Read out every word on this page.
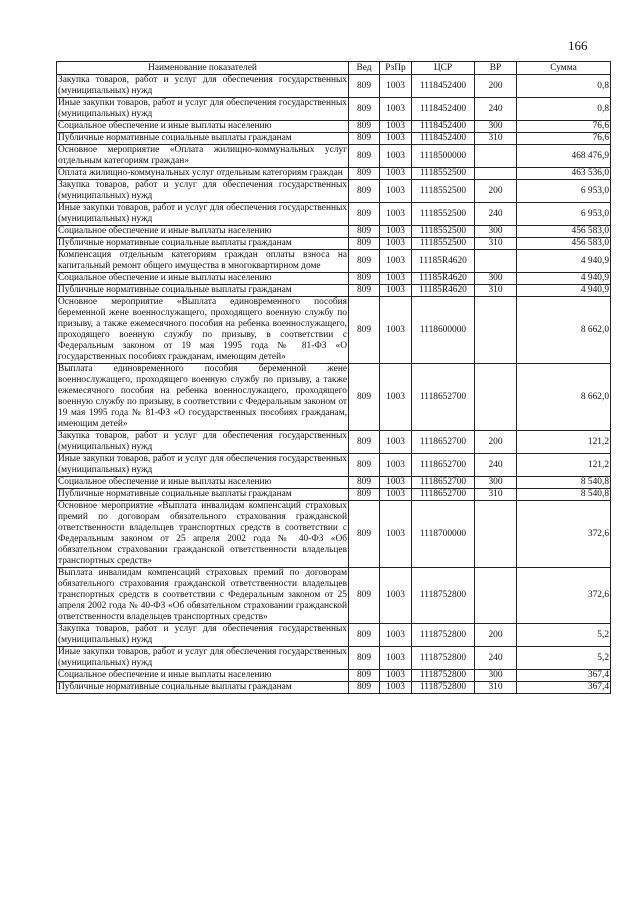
166
Наименование показателей	Вед	РзПр	ЦСР	ВР	Сумма
Закупка товаров, работ и услуг для обеспечения государственных (муниципальных) нужд	809	1003	1118452400	200	0,8
Иные закупки товаров, работ и услуг для обеспечения государственных (муниципальных) нужд	809	1003	1118452400	240	0,8
Социальное обеспечение и иные выплаты населению	809	1003	1118452400	300	76,6
Публичные нормативные социальные выплаты гражданам	809	1003	1118452400	310	76,6
Основное мероприятие «Оплата жилищно-коммунальных услуг отдельным категориям граждан»	809	1003	1118500000		468 476,9
Оплата жилищно-коммунальных услуг отдельным категориям граждан	809	1003	1118552500		463 536,0
Закупка товаров, работ и услуг для обеспечения государственных (муниципальных) нужд	809	1003	1118552500	200	6 953,0
Иные закупки товаров, работ и услуг для обеспечения государственных (муниципальных) нужд	809	1003	1118552500	240	6 953,0
Социальное обеспечение и иные выплаты населению	809	1003	1118552500	300	456 583,0
Публичные нормативные социальные выплаты гражданам	809	1003	1118552500	310	456 583,0
Компенсация отдельным категориям граждан оплаты взноса на капитальный ремонт общего имущества в многоквартирном доме	809	1003	11185R4620		4 940,9
Социальное обеспечение и иные выплаты населению	809	1003	11185R4620	300	4 940,9
Публичные нормативные социальные выплаты гражданам	809	1003	11185R4620	310	4 940,9
Основное мероприятие «Выплата единовременного пособия беременной жене военнослужащего, проходящего военную службу по призыву, а также ежемесячного пособия на ребенка военнослужащего, проходящего военную службу по призыву, в соответствии с Федеральным законом от 19 мая 1995 года № 81-ФЗ «О государственных пособиях гражданам, имеющим детей»	809	1003	1118600000		8 662,0
Выплата единовременного пособия беременной жене военнослужащего, проходящего военную службу по призыву, а также ежемесячного пособия на ребенка военнослужащего, проходящего военную службу по призыву, в соответствии с Федеральным законом от 19 мая 1995 года № 81-ФЗ «О государственных пособиях гражданам, имеющим детей»	809	1003	1118652700		8 662,0
Закупка товаров, работ и услуг для обеспечения государственных (муниципальных) нужд	809	1003	1118652700	200	121,2
Иные закупки товаров, работ и услуг для обеспечения государственных (муниципальных) нужд	809	1003	1118652700	240	121,2
Социальное обеспечение и иные выплаты населению	809	1003	1118652700	300	8 540,8
Публичные нормативные социальные выплаты гражданам	809	1003	1118652700	310	8 540,8
Основное мероприятие «Выплата инвалидам компенсаций страховых премий по договорам обязательного страхования гражданской ответственности владельцев транспортных средств в соответствии с Федеральным законом от 25 апреля 2002 года № 40-ФЗ «Об обязательном страховании гражданской ответственности владельцев транспортных средств»	809	1003	1118700000		372,6
Выплата инвалидам компенсаций страховых премий по договорам обязательного страхования гражданской ответственности владельцев транспортных средств в соответствии с Федеральным законом от 25 апреля 2002 года № 40-ФЗ «Об обязательном страховании гражданской ответственности владельцев транспортных средств»	809	1003	1118752800		372,6
Закупка товаров, работ и услуг для обеспечения государственных (муниципальных) нужд	809	1003	1118752800	200	5,2
Иные закупки товаров, работ и услуг для обеспечения государственных (муниципальных) нужд	809	1003	1118752800	240	5,2
Социальное обеспечение и иные выплаты населению	809	1003	1118752800	300	367,4
Публичные нормативные социальные выплаты гражданам	809	1003	1118752800	310	367,4
